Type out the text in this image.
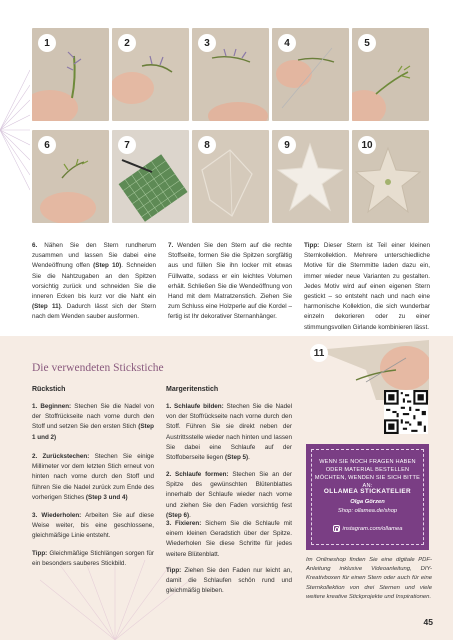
1	2	3	4	5
6	7	8	9	10
6. Nähen Sie den Stern rundherum zusammen und lassen Sie dabei eine Wendeöffnung offen (Step 10). Schneiden Sie die Nahtzugaben an den Spitzen vorsichtig zurück und schneiden Sie die inneren Ecken bis kurz vor die Naht ein (Step 11). Dadurch lässt sich der Stern nach dem Wenden sauber ausformen.
7. Wenden Sie den Stern auf die rechte Stoffseite, formen Sie die Spitzen sorgfältig aus und füllen Sie ihn locker mit etwas Füllwatte, sodass er ein leichtes Volumen erhält. Schließen Sie die Wendeöffnung von Hand mit dem Matratzenstich. Ziehen Sie zum Schluss eine Holzperle auf die Kordel – fertig ist Ihr dekorativer Sternanhänger.
Tipp: Dieser Stern ist Teil einer kleinen Sternkollektion. Mehrere unterschiedliche Motive für die Sternmitte laden dazu ein, immer wieder neue Varianten zu gestalten. Jedes Motiv wird auf einen eigenen Stern gestickt – so entsteht nach und nach eine harmonische Kollektion, die sich wunderbar einzeln dekorieren oder zu einer stimmungsvollen Girlande kombinieren lässt.
Die verwendeten Stickstiche
Rückstich
1. Beginnen: Stechen Sie die Nadel von der Stoffrückseite nach vorne durch den Stoff und setzen Sie den ersten Stich (Step 1 und 2)
2. Zurückstechen: Stechen Sie einige Millimeter vor dem letzten Stich erneut von hinten nach vorne durch den Stoff und führen Sie die Nadel zurück zum Ende des vorherigen Stiches (Step 3 und 4)
3. Wiederholen: Arbeiten Sie auf diese Weise weiter, bis eine geschlossene, gleichmäßige Linie entsteht.
Tipp: Gleichmäßige Stichlängen sorgen für ein besonders sauberes Stickbild.
Margeritenstich
1. Schlaufe bilden: Stechen Sie die Nadel von der Stoffrückseite nach vorne durch den Stoff. Führen Sie sie direkt neben der Austrittsstelle wieder nach hinten und lassen Sie dabei eine Schlaufe auf der Stoffoberseite liegen (Step 5).
2. Schlaufe formen: Stechen Sie an der Spitze des gewünschten Blütenblattes innerhalb der Schlaufe wieder nach vorne und ziehen Sie den Faden vorsichtig fest (Step 6).
3. Fixieren: Sichern Sie die Schlaufe mit einem kleinen Geradstich über der Spitze. Wiederholen Sie diese Schritte für jedes weitere Blütenblatt.
Tipp: Ziehen Sie den Faden nur leicht an, damit die Schlaufen schön rund und gleichmäßig bleiben.
11
WENN SIE NOCH FRAGEN HABEN ODER MATERIAL BESTELLEN MÖCHTEN, WENDEN SIE SICH BITTE AN:
OLLAMEA STICKATELIER
Olga Görzen
Shop: ollamea.de/shop
instagram.com/ollamea
Im Onlineshop finden Sie eine digitale PDF-Anleitung inklusive Videoanleitung, DIY-Kreativboxen für einen Stern oder auch für eine Sternkollektion von drei Sternen und viele weitere kreative Stickprojekte und Inspirationen.
45
